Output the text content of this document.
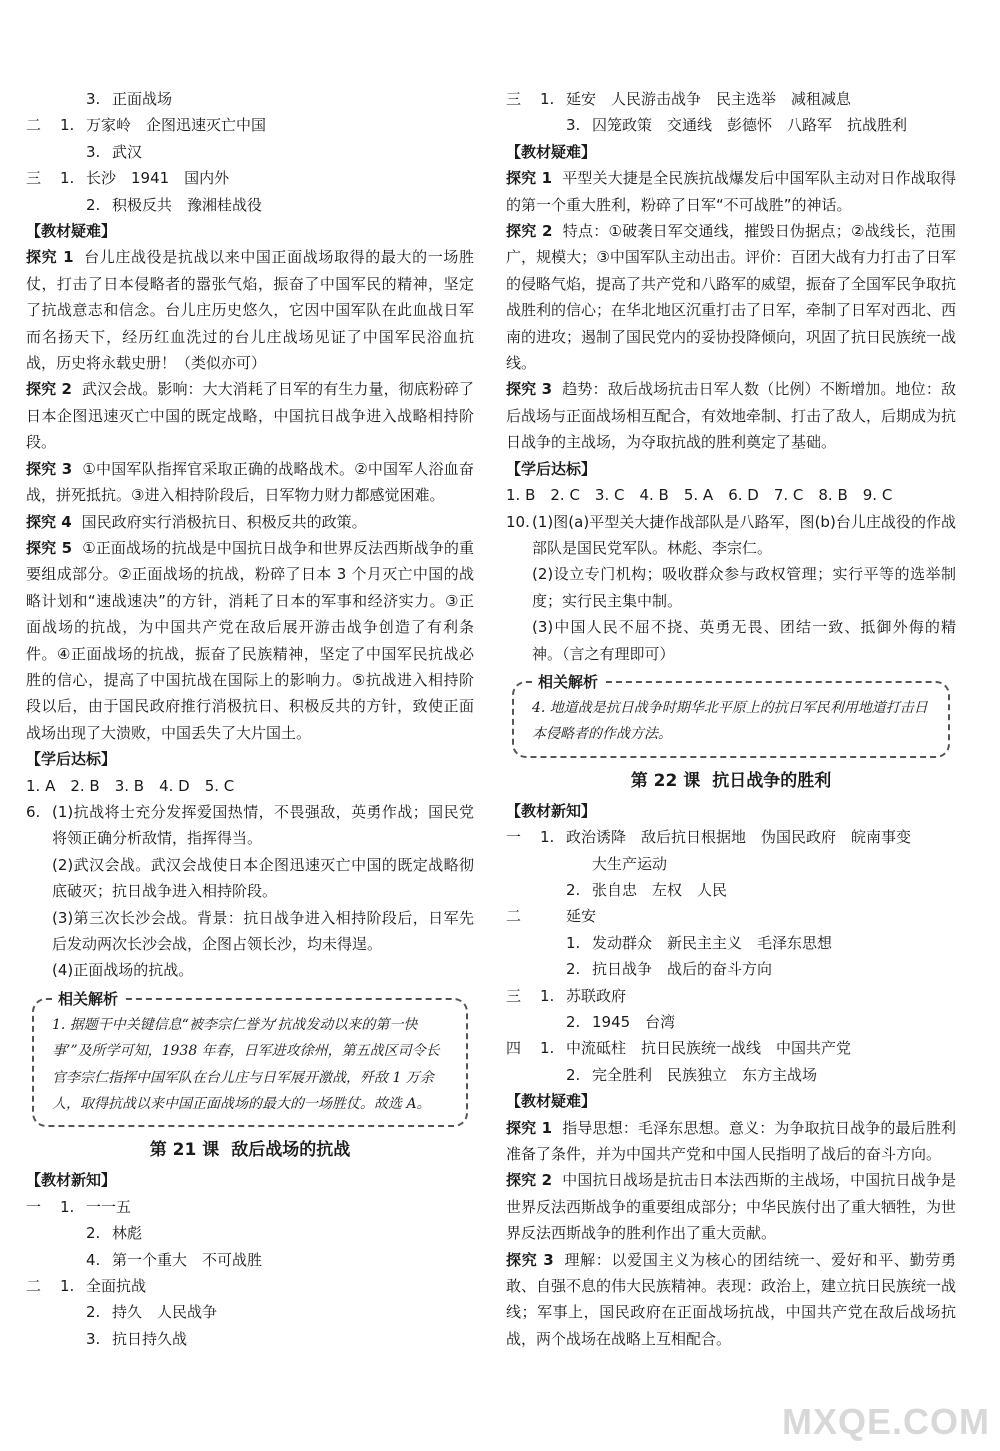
3. 正面战场
二 1. 万家岭　企图迅速灭亡中国
3. 武汉
三 1. 长沙　1941　国内外
2. 积极反共　豫湘桂战役
【教材疑难】
探究 1 台儿庄战役是抗战以来中国正面战场取得的最大的一场胜仗，打击了日本侵略者的嚣张气焰，振奋了中国军民的精神，坚定了抗战意志和信念。台儿庄历史悠久，它因中国军队在此血战日军而名扬天下，经历红血洗过的台儿庄战场见证了中国军民浴血抗战，历史将永载史册！（类似亦可）
探究 2 武汉会战。影响：大大消耗了日军的有生力量，彻底粉碎了日本企图迅速灭亡中国的既定战略，中国抗日战争进入战略相持阶段。
探究 3 ①中国军队指挥官采取正确的战略战术。②中国军人浴血奋战，拼死抵抗。③进入相持阶段后，日军物力财力都感觉困难。
探究 4 国民政府实行消极抗日、积极反共的政策。
探究 5 ①正面战场的抗战是中国抗日战争和世界反法西斯战争的重要组成部分。②正面战场的抗战，粉碎了日本 3 个月灭亡中国的战略计划和“速战速决”的方针，消耗了日本的军事和经济实力。③正面战场的抗战，为中国共产党在敌后展开游击战争创造了有利条件。④正面战场的抗战，振奋了民族精神，坚定了中国军民抗战必胜的信心，提高了中国抗战在国际上的影响力。⑤抗战进入相持阶段以后，由于国民政府推行消极抗日、积极反共的方针，致使正面战场出现了大溃败，中国丢失了大片国土。
【学后达标】
1. A　2. B　3. B　4. D　5. C
6. (1)抗战将士充分发挥爱国热情，不畏强敌，英勇作战；国民党将领正确分析敌情，指挥得当。
(2)武汉会战。武汉会战使日本企图迅速灭亡中国的既定战略彻底破灭；抗日战争进入相持阶段。
(3)第三次长沙会战。背景：抗日战争进入相持阶段后，日军先后发动两次长沙会战，企图占领长沙，均未得逞。
(4)正面战场的抗战。
相关解析
1. 据题干中关键信息“被李宗仁誉为‘抗战发动以来的第一快事’”及所学可知，1938 年春，日军进攻徐州，第五战区司令长官李宗仁指挥中国军队在台儿庄与日军展开激战，歼敌 1 万余人，取得抗战以来中国正面战场的最大的一场胜仗。故选 A。
第 21 课 敌后战场的抗战
【教材新知】
一 1. 一一五
2. 林彪
4. 第一个重大　不可战胜
二 1. 全面抗战
2. 持久　人民战争
3. 抗日持久战
三 1. 延安　人民游击战争　民主选举　减租减息
3. 囚笼政策　交通线　彭德怀　八路军　抗战胜利
【教材疑难】
探究 1 平型关大捷是全民族抗战爆发后中国军队主动对日作战取得的第一个重大胜利，粉碎了日军“不可战胜”的神话。
探究 2 特点：①破袭日军交通线，摧毁日伪据点；②战线长，范围广，规模大；③中国军队主动出击。评价：百团大战有力打击了日军的侵略气焰，提高了共产党和八路军的威望，振奋了全国军民争取抗战胜利的信心；在华北地区沉重打击了日军，牵制了日军对西北、西南的进攻；遏制了国民党内的妥协投降倾向，巩固了抗日民族统一战线。
探究 3 趋势：敌后战场抗击日军人数（比例）不断增加。地位：敌后战场与正面战场相互配合，有效地牵制、打击了敌人，后期成为抗日战争的主战场，为夺取抗战的胜利奠定了基础。
【学后达标】
1. B　2. C　3. C　4. B　5. A　6. D　7. C　8. B　9. C
10. (1)图(a)平型关大捷作战部队是八路军，图(b)台儿庄战役的作战部队是国民党军队。林彪、李宗仁。
(2)设立专门机构；吸收群众参与政权管理；实行平等的选举制度；实行民主集中制。
(3)中国人民不屈不挠、英勇无畏、团结一致、抵御外侮的精神。（言之有理即可）
相关解析
4. 地道战是抗日战争时期华北平原上的抗日军民利用地道打击日本侵略者的作战方法。
第 22 课 抗日战争的胜利
【教材新知】
一 1. 政治诱降　敌后抗日根据地　伪国民政府　皖南事变
大生产运动
2. 张自忠　左权　人民
二	延安
1. 发动群众　新民主主义　毛泽东思想
2. 抗日战争　战后的奋斗方向
三 1. 苏联政府
2. 1945　台湾
四 1. 中流砥柱　抗日民族统一战线　中国共产党
2. 完全胜利　民族独立　东方主战场
【教材疑难】
探究 1 指导思想：毛泽东思想。意义：为争取抗日战争的最后胜利准备了条件，并为中国共产党和中国人民指明了战后的奋斗方向。
探究 2 中国抗日战场是抗击日本法西斯的主战场，中国抗日战争是世界反法西斯战争的重要组成部分；中华民族付出了重大牺牲，为世界反法西斯战争的胜利作出了重大贡献。
探究 3 理解：以爱国主义为核心的团结统一、爱好和平、勤劳勇敢、自强不息的伟大民族精神。表现：政治上，建立抗日民族统一战线；军事上，国民政府在正面战场抗战，中国共产党在敌后战场抗战，两个战场在战略上互相配合。
MXQE.COM
